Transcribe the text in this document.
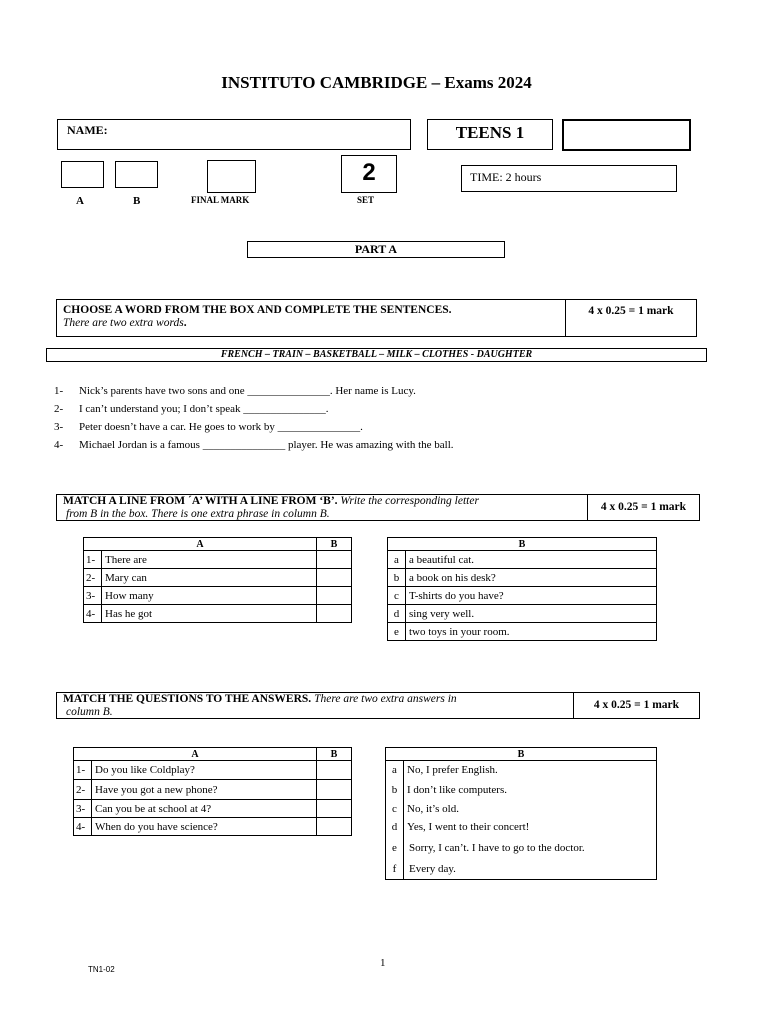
INSTITUTO CAMBRIDGE – Exams 2024
NAME:	TEENS 1
2
A	B	FINAL MARK	SET
TIME: 2 hours
PART A
CHOOSE A WORD FROM THE BOX AND COMPLETE THE SENTENCES.
There are two extra words.
4 x 0.25 = 1 mark
FRENCH – TRAIN – BASKETBALL – MILK – CLOTHES - DAUGHTER
1- Nick’s parents have two sons and one _______________. Her name is Lucy.
2- I can’t understand you; I don’t speak _______________.
3- Peter doesn’t have a car. He goes to work by _______________.
4- Michael Jordan is a famous _______________ player. He was amazing with the ball.
MATCH A LINE FROM ´A’ WITH A LINE FROM ‘B’. Write the corresponding letter
from B in the box. There is one extra phrase in column B.
4 x 0.25 = 1 mark
A		B
1-	There are	
2-	Mary can	
3-	How many	
4-	Has he got	
B	
a	a beautiful cat.
b	a book on his desk?
c	T-shirts do you have?
d	sing very well.
e	two toys in your room.
MATCH THE QUESTIONS TO THE ANSWERS. There are two extra answers in
column B.
4 x 0.25 = 1 mark
A		B
1-	Do you like Coldplay?	
2-	Have you got a new phone?	
3-	Can you be at school at 4?	
4-	When do you have science?	
B	
a	No, I prefer English.
b	I don’t like computers.
c	No, it’s old.
d	Yes, I went to their concert!
e	Sorry, I can’t. I have to go to the doctor.
f	Every day.
1
TN1-02
